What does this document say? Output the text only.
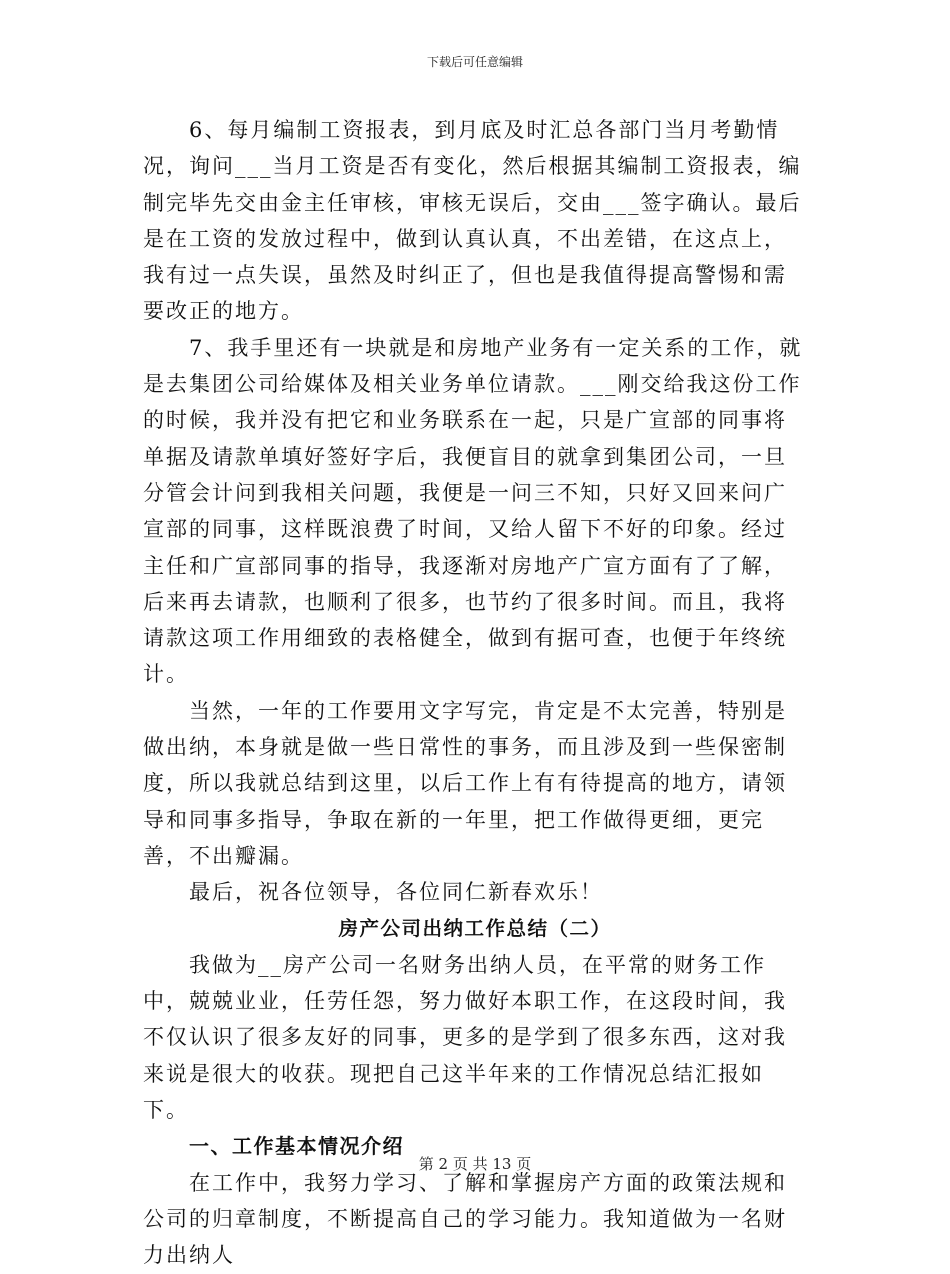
下载后可任意编辑

6、每月编制工资报表，到月底及时汇总各部门当月考勤情况，询问___当月工资是否有变化，然后根据其编制工资报表，编制完毕先交由金主任审核，审核无误后，交由___签字确认。最后是在工资的发放过程中，做到认真认真，不出差错，在这点上，我有过一点失误，虽然及时纠正了，但也是我值得提高警惕和需要改正的地方。

7、我手里还有一块就是和房地产业务有一定关系的工作，就是去集团公司给媒体及相关业务单位请款。___刚交给我这份工作的时候，我并没有把它和业务联系在一起，只是广宣部的同事将单据及请款单填好签好字后，我便盲目的就拿到集团公司，一旦分管会计问到我相关问题，我便是一问三不知，只好又回来问广宣部的同事，这样既浪费了时间，又给人留下不好的印象。经过主任和广宣部同事的指导，我逐渐对房地产广宣方面有了了解，后来再去请款，也顺利了很多，也节约了很多时间。而且，我将请款这项工作用细致的表格健全，做到有据可查，也便于年终统计。

当然，一年的工作要用文字写完，肯定是不太完善，特别是做出纳，本身就是做一些日常性的事务，而且涉及到一些保密制度，所以我就总结到这里，以后工作上有有待提高的地方，请领导和同事多指导，争取在新的一年里，把工作做得更细，更完善，不出瓣漏。

最后，祝各位领导，各位同仁新春欢乐！

房产公司出纳工作总结（二）

我做为__房产公司一名财务出纳人员，在平常的财务工作中，兢兢业业，任劳任怨，努力做好本职工作，在这段时间，我不仅认识了很多友好的同事，更多的是学到了很多东西，这对我来说是很大的收获。现把自己这半年来的工作情况总结汇报如下。

一、工作基本情况介绍

在工作中，我努力学习、了解和掌握房产方面的政策法规和公司的归章制度，不断提高自己的学习能力。我知道做为一名财力出纳人

第 2 页 共 13 页
